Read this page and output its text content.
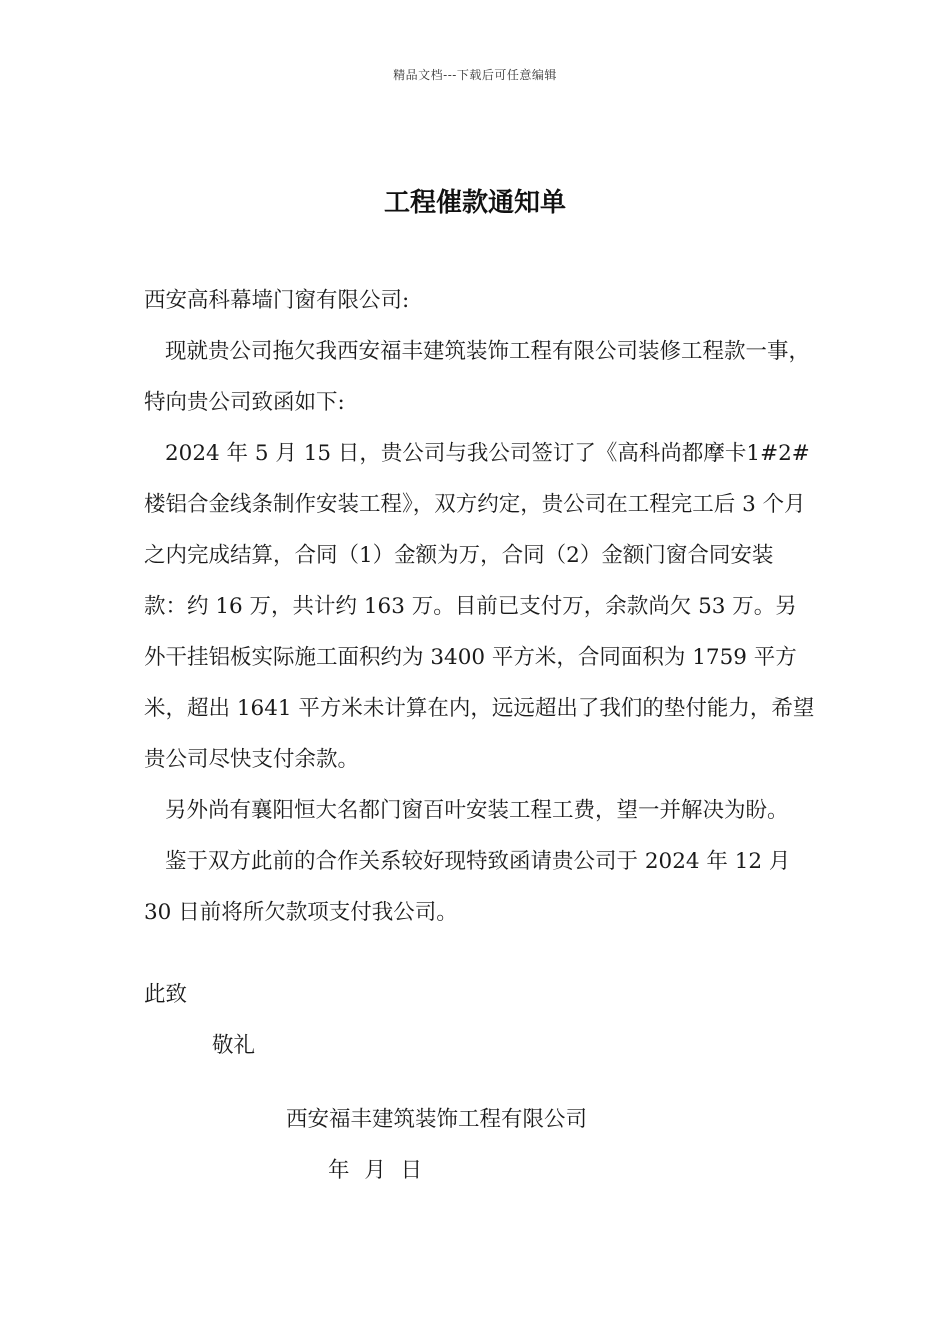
精品文档---下载后可任意编辑
工程催款通知单

西安高科幕墙门窗有限公司:

现就贵公司拖欠我西安福丰建筑装饰工程有限公司装修工程款一事，特向贵公司致函如下:

2024 年 5 月 15 日，贵公司与我公司签订了《高科尚都摩卡1#2#楼铝合金线条制作安装工程》，双方约定，贵公司在工程完工后 3 个月之内完成结算，合同（1）金额为万，合同（2）金额门窗合同安装款：约 16 万，共计约 163 万。目前已支付万，余款尚欠 53 万。另外干挂铝板实际施工面积约为 3400 平方米，合同面积为 1759 平方米，超出 1641 平方米未计算在内，远远超出了我们的垫付能力，希望贵公司尽快支付余款。

另外尚有襄阳恒大名都门窗百叶安装工程工费，望一并解决为盼。

鉴于双方此前的合作关系较好现特致函请贵公司于 2024 年 12 月 30 日前将所欠款项支付我公司。

此致
敬礼
西安福丰建筑装饰工程有限公司
年 月 日
